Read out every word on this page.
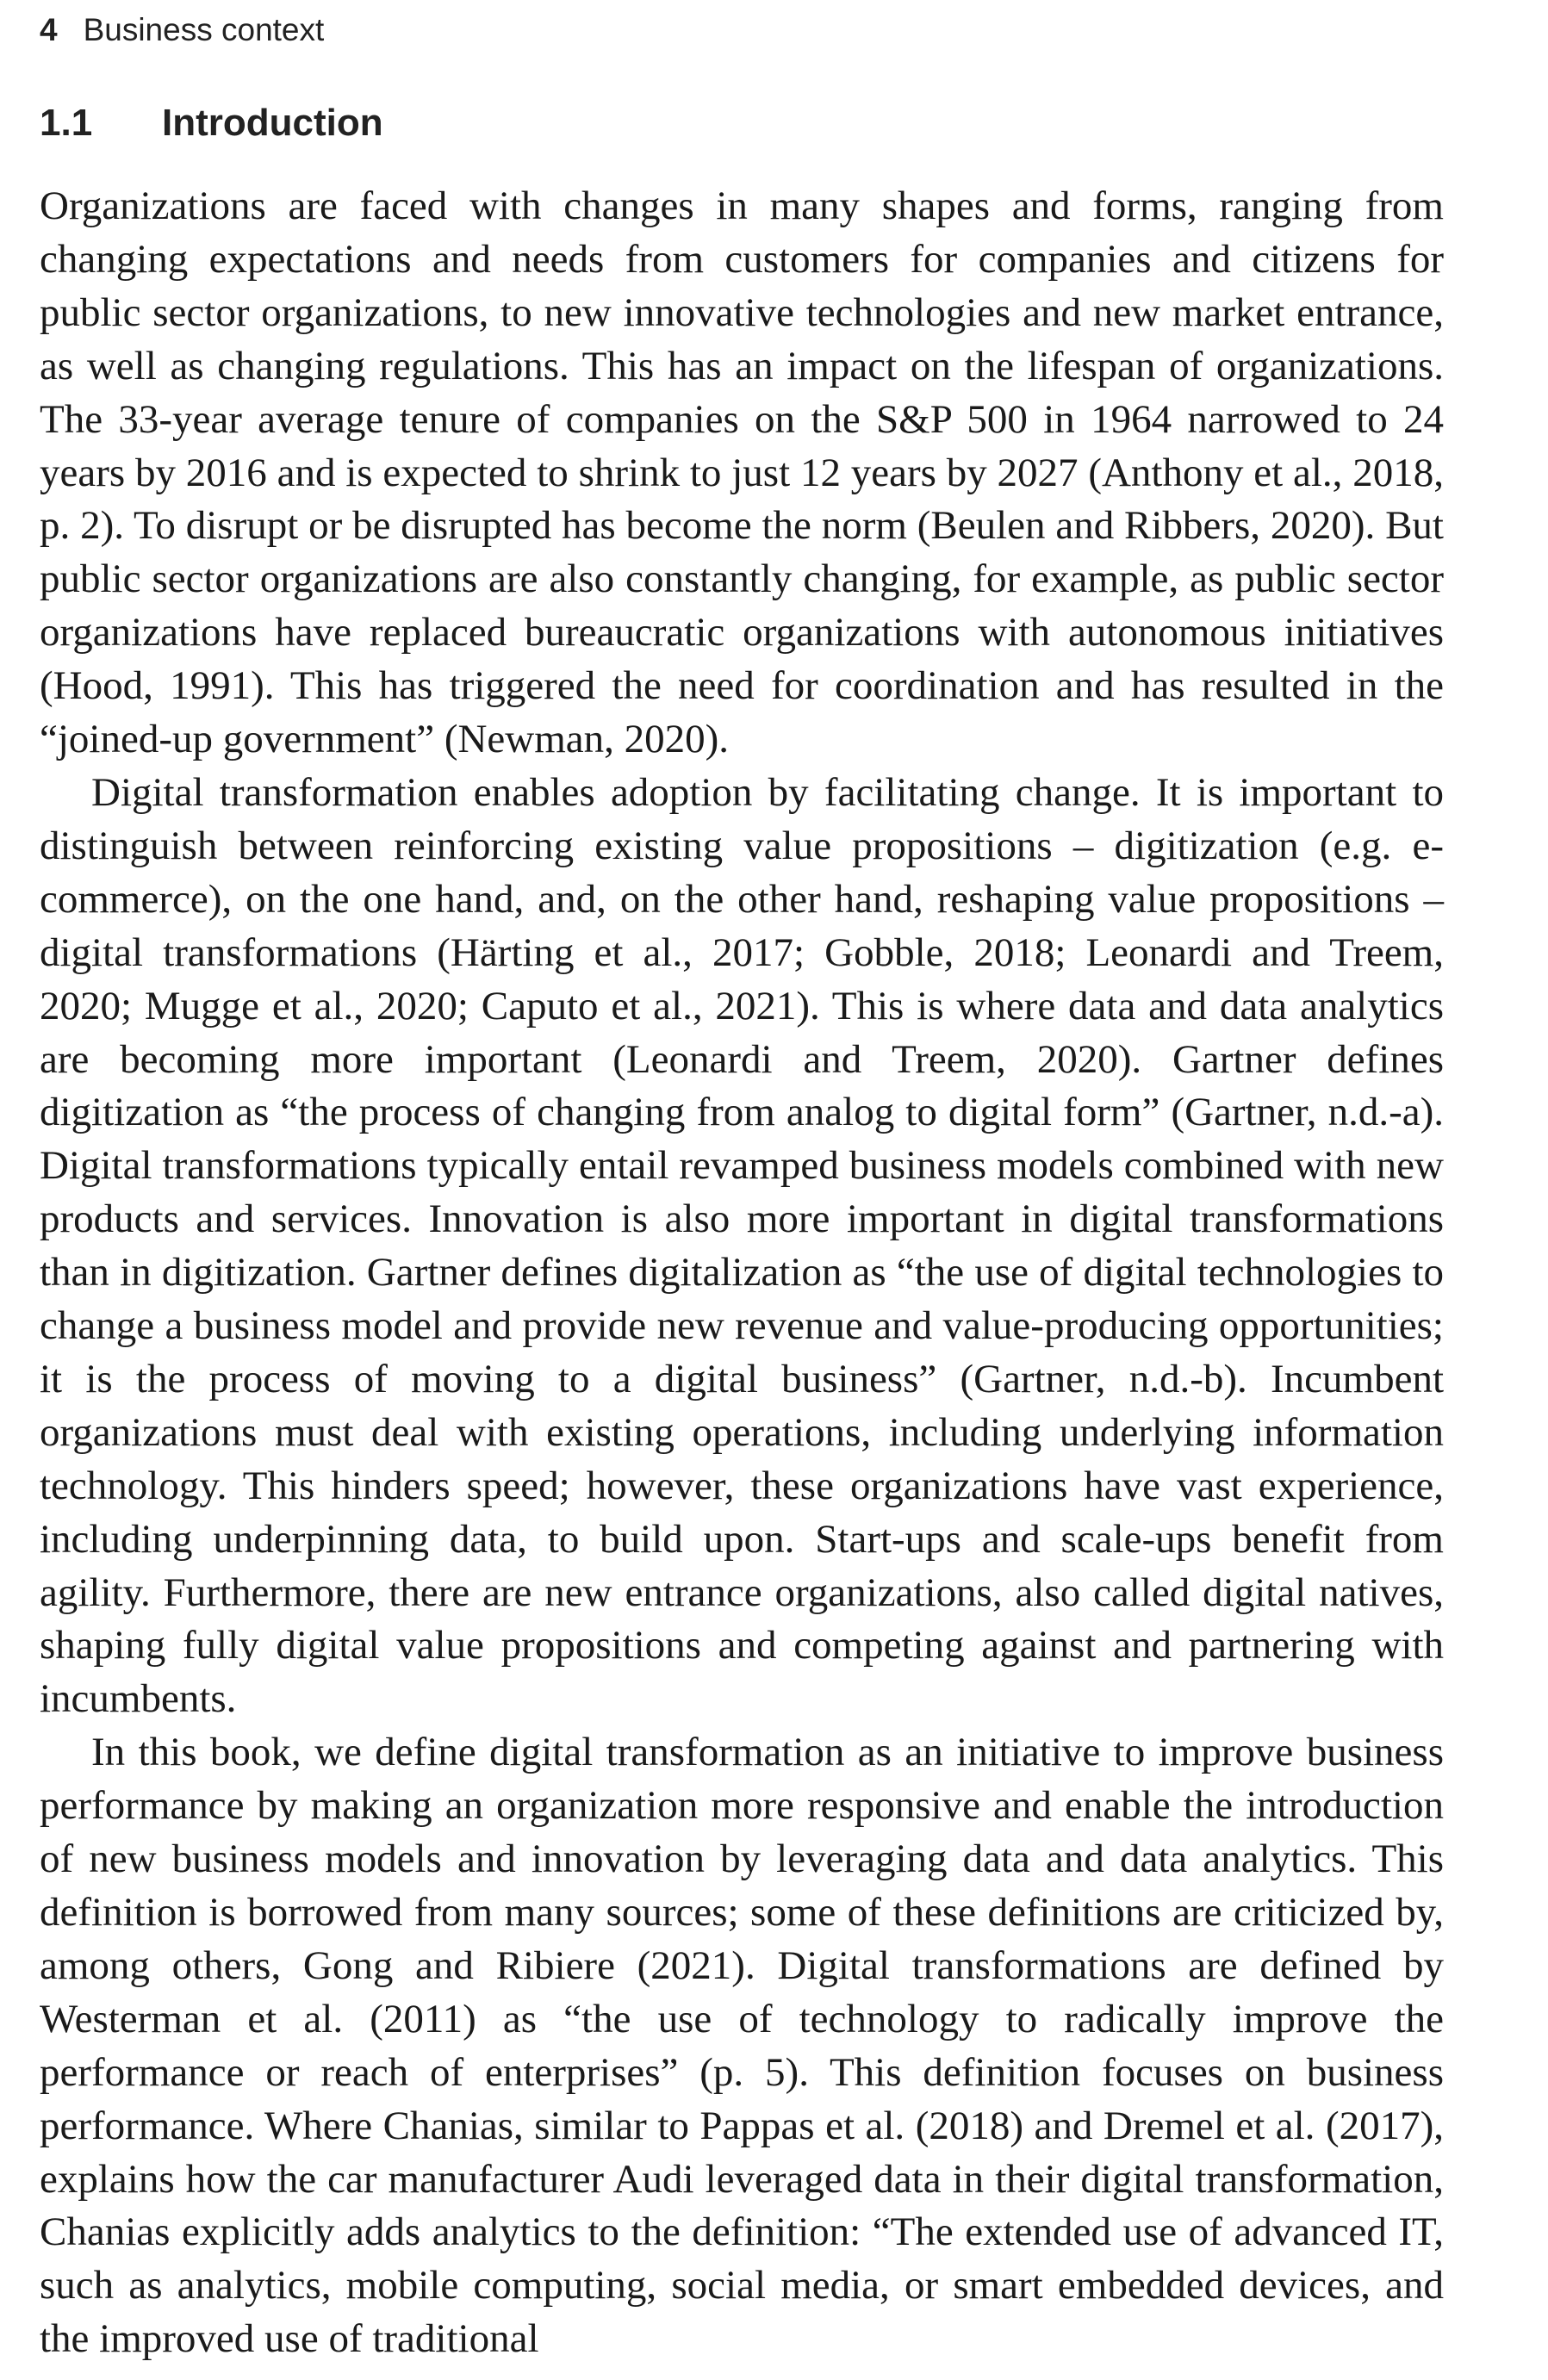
4 Business context
1.1	Introduction

Organizations are faced with changes in many shapes and forms, ranging from changing expectations and needs from customers for companies and citizens for public sector organizations, to new innovative technologies and new market entrance, as well as changing regulations. This has an impact on the lifespan of organizations. The 33-year average tenure of companies on the S&P 500 in 1964 narrowed to 24 years by 2016 and is expected to shrink to just 12 years by 2027 (Anthony et al., 2018, p. 2). To disrupt or be disrupted has become the norm (Beulen and Ribbers, 2020). But public sector organizations are also constantly changing, for example, as public sector organizations have replaced bureaucratic organizations with autonomous initiatives (Hood, 1991). This has triggered the need for coordination and has resulted in the “joined-up government” (Newman, 2020).

Digital transformation enables adoption by facilitating change. It is important to distinguish between reinforcing existing value propositions – digitization (e.g. e-commerce), on the one hand, and, on the other hand, reshaping value propositions – digital transformations (Härting et al., 2017; Gobble, 2018; Leonardi and Treem, 2020; Mugge et al., 2020; Caputo et al., 2021). This is where data and data analytics are becoming more important (Leonardi and Treem, 2020). Gartner defines digitization as “the process of changing from analog to digital form” (Gartner, n.d.-a). Digital transformations typically entail revamped business models combined with new products and services. Innovation is also more important in digital transformations than in digitization. Gartner defines digitalization as “the use of digital technologies to change a business model and provide new revenue and value-producing opportunities; it is the process of moving to a digital business” (Gartner, n.d.-b). Incumbent organizations must deal with existing operations, including underlying information technology. This hinders speed; however, these organizations have vast experience, including underpinning data, to build upon. Start-ups and scale-ups benefit from agility. Furthermore, there are new entrance organizations, also called digital natives, shaping fully digital value propositions and competing against and partnering with incumbents.

In this book, we define digital transformation as an initiative to improve business performance by making an organization more responsive and enable the introduction of new business models and innovation by leveraging data and data analytics. This definition is borrowed from many sources; some of these definitions are criticized by, among others, Gong and Ribiere (2021). Digital transformations are defined by Westerman et al. (2011) as “the use of technology to radically improve the performance or reach of enterprises” (p. 5). This definition focuses on business performance. Where Chanias, similar to Pappas et al. (2018) and Dremel et al. (2017), explains how the car manufacturer Audi leveraged data in their digital transformation, Chanias explicitly adds analytics to the definition: “The extended use of advanced IT, such as analytics, mobile computing, social media, or smart embedded devices, and the improved use of traditional
